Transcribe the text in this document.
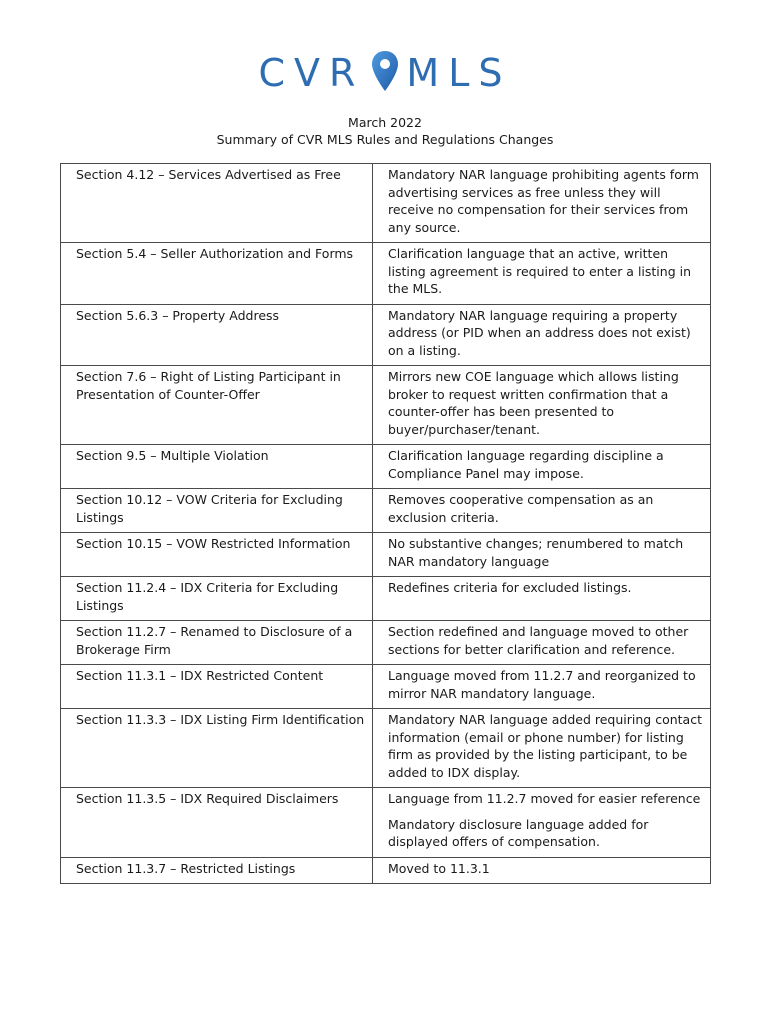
CVR MLS
March 2022
Summary of CVR MLS Rules and Regulations Changes
Section 4.12 – Services Advertised as Free	Mandatory NAR language prohibiting agents form advertising services as free unless they will receive no compensation for their services from any source.

Section 5.4 – Seller Authorization and Forms	Clarification language that an active, written listing agreement is required to enter a listing in the MLS.

Section 5.6.3 – Property Address	Mandatory NAR language requiring a property address (or PID when an address does not exist) on a listing.

Section 7.6 – Right of Listing Participant in Presentation of Counter-Offer	Mirrors new COE language which allows listing broker to request written confirmation that a counter-offer has been presented to buyer/purchaser/tenant.

Section 9.5 – Multiple Violation	Clarification language regarding discipline a Compliance Panel may impose.

Section 10.12 – VOW Criteria for Excluding Listings	Removes cooperative compensation as an exclusion criteria.

Section 10.15 – VOW Restricted Information	No substantive changes; renumbered to match NAR mandatory language

Section 11.2.4 – IDX Criteria for Excluding Listings	Redefines criteria for excluded listings.

Section 11.2.7 – Renamed to Disclosure of a Brokerage Firm	Section redefined and language moved to other sections for better clarification and reference.

Section 11.3.1 – IDX Restricted Content	Language moved from 11.2.7 and reorganized to mirror NAR mandatory language.

Section 11.3.3 – IDX Listing Firm Identification	Mandatory NAR language added requiring contact information (email or phone number) for listing firm as provided by the listing participant, to be added to IDX display.

Section 11.3.5 – IDX Required Disclaimers	Language from 11.2.7 moved for easier reference
Mandatory disclosure language added for displayed offers of compensation.

Section 11.3.7 – Restricted Listings	Moved to 11.3.1
